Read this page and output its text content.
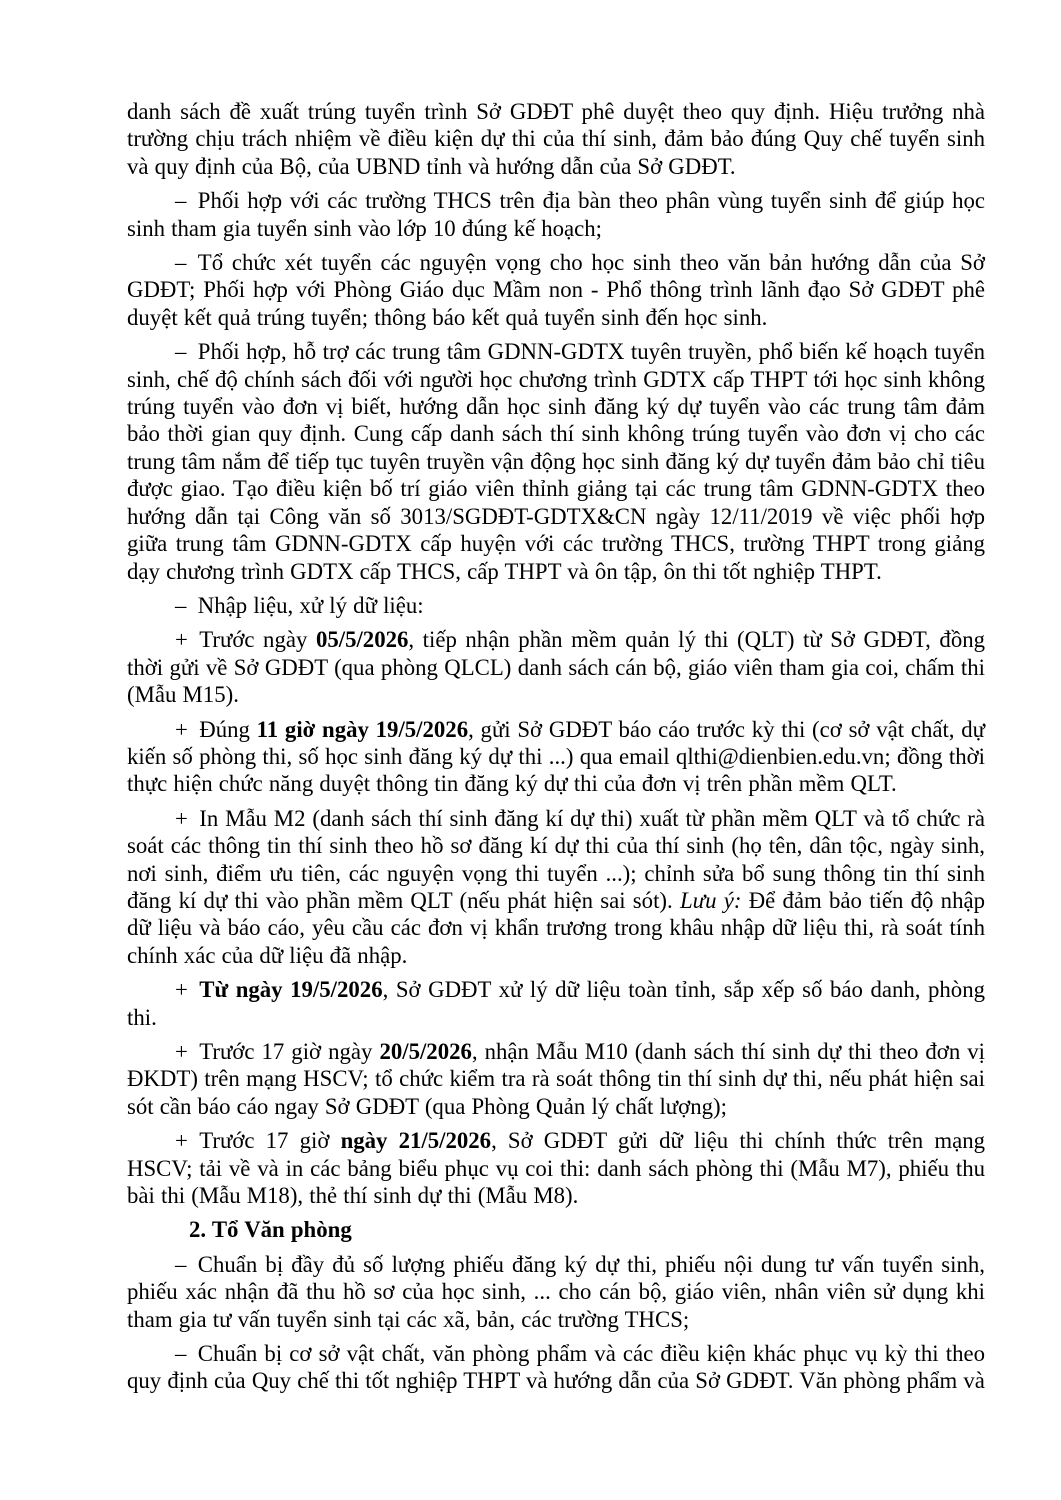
danh sách đề xuất trúng tuyển trình Sở GDĐT phê duyệt theo quy định. Hiệu trưởng nhà trường chịu trách nhiệm về điều kiện dự thi của thí sinh, đảm bảo đúng Quy chế tuyển sinh và quy định của Bộ, của UBND tỉnh và hướng dẫn của Sở GDĐT.

– Phối hợp với các trường THCS trên địa bàn theo phân vùng tuyển sinh để giúp học sinh tham gia tuyển sinh vào lớp 10 đúng kế hoạch;

– Tổ chức xét tuyển các nguyện vọng cho học sinh theo văn bản hướng dẫn của Sở GDĐT; Phối hợp với Phòng Giáo dục Mầm non - Phổ thông trình lãnh đạo Sở GDĐT phê duyệt kết quả trúng tuyển; thông báo kết quả tuyển sinh đến học sinh.

– Phối hợp, hỗ trợ các trung tâm GDNN-GDTX tuyên truyền, phổ biến kế hoạch tuyển sinh, chế độ chính sách đối với người học chương trình GDTX cấp THPT tới học sinh không trúng tuyển vào đơn vị biết, hướng dẫn học sinh đăng ký dự tuyển vào các trung tâm đảm bảo thời gian quy định. Cung cấp danh sách thí sinh không trúng tuyển vào đơn vị cho các trung tâm nắm để tiếp tục tuyên truyền vận động học sinh đăng ký dự tuyển đảm bảo chỉ tiêu được giao. Tạo điều kiện bố trí giáo viên thỉnh giảng tại các trung tâm GDNN-GDTX theo hướng dẫn tại Công văn số 3013/SGDĐT-GDTX&CN ngày 12/11/2019 về việc phối hợp giữa trung tâm GDNN-GDTX cấp huyện với các trường THCS, trường THPT trong giảng dạy chương trình GDTX cấp THCS, cấp THPT và ôn tập, ôn thi tốt nghiệp THPT.

– Nhập liệu, xử lý dữ liệu:

+ Trước ngày 05/5/2026, tiếp nhận phần mềm quản lý thi (QLT) từ Sở GDĐT, đồng thời gửi về Sở GDĐT (qua phòng QLCL) danh sách cán bộ, giáo viên tham gia coi, chấm thi (Mẫu M15).

+ Đúng 11 giờ ngày 19/5/2026, gửi Sở GDĐT báo cáo trước kỳ thi (cơ sở vật chất, dự kiến số phòng thi, số học sinh đăng ký dự thi ...) qua email qlthi@dienbien.edu.vn; đồng thời thực hiện chức năng duyệt thông tin đăng ký dự thi của đơn vị trên phần mềm QLT.

+ In Mẫu M2 (danh sách thí sinh đăng kí dự thi) xuất từ phần mềm QLT và tổ chức rà soát các thông tin thí sinh theo hồ sơ đăng kí dự thi của thí sinh (họ tên, dân tộc, ngày sinh, nơi sinh, điểm ưu tiên, các nguyện vọng thi tuyển ...); chỉnh sửa bổ sung thông tin thí sinh đăng kí dự thi vào phần mềm QLT (nếu phát hiện sai sót). Lưu ý: Để đảm bảo tiến độ nhập dữ liệu và báo cáo, yêu cầu các đơn vị khẩn trương trong khâu nhập dữ liệu thi, rà soát tính chính xác của dữ liệu đã nhập.

+ Từ ngày 19/5/2026, Sở GDĐT xử lý dữ liệu toàn tỉnh, sắp xếp số báo danh, phòng thi.

+ Trước 17 giờ ngày 20/5/2026, nhận Mẫu M10 (danh sách thí sinh dự thi theo đơn vị ĐKDT) trên mạng HSCV; tổ chức kiểm tra rà soát thông tin thí sinh dự thi, nếu phát hiện sai sót cần báo cáo ngay Sở GDĐT (qua Phòng Quản lý chất lượng);

+ Trước 17 giờ ngày 21/5/2026, Sở GDĐT gửi dữ liệu thi chính thức trên mạng HSCV; tải về và in các bảng biểu phục vụ coi thi: danh sách phòng thi (Mẫu M7), phiếu thu bài thi (Mẫu M18), thẻ thí sinh dự thi (Mẫu M8).

2. Tổ Văn phòng

– Chuẩn bị đầy đủ số lượng phiếu đăng ký dự thi, phiếu nội dung tư vấn tuyển sinh, phiếu xác nhận đã thu hồ sơ của học sinh, ... cho cán bộ, giáo viên, nhân viên sử dụng khi tham gia tư vấn tuyển sinh tại các xã, bản, các trường THCS;

– Chuẩn bị cơ sở vật chất, văn phòng phẩm và các điều kiện khác phục vụ kỳ thi theo quy định của Quy chế thi tốt nghiệp THPT và hướng dẫn của Sở GDĐT. Văn phòng phẩm và
